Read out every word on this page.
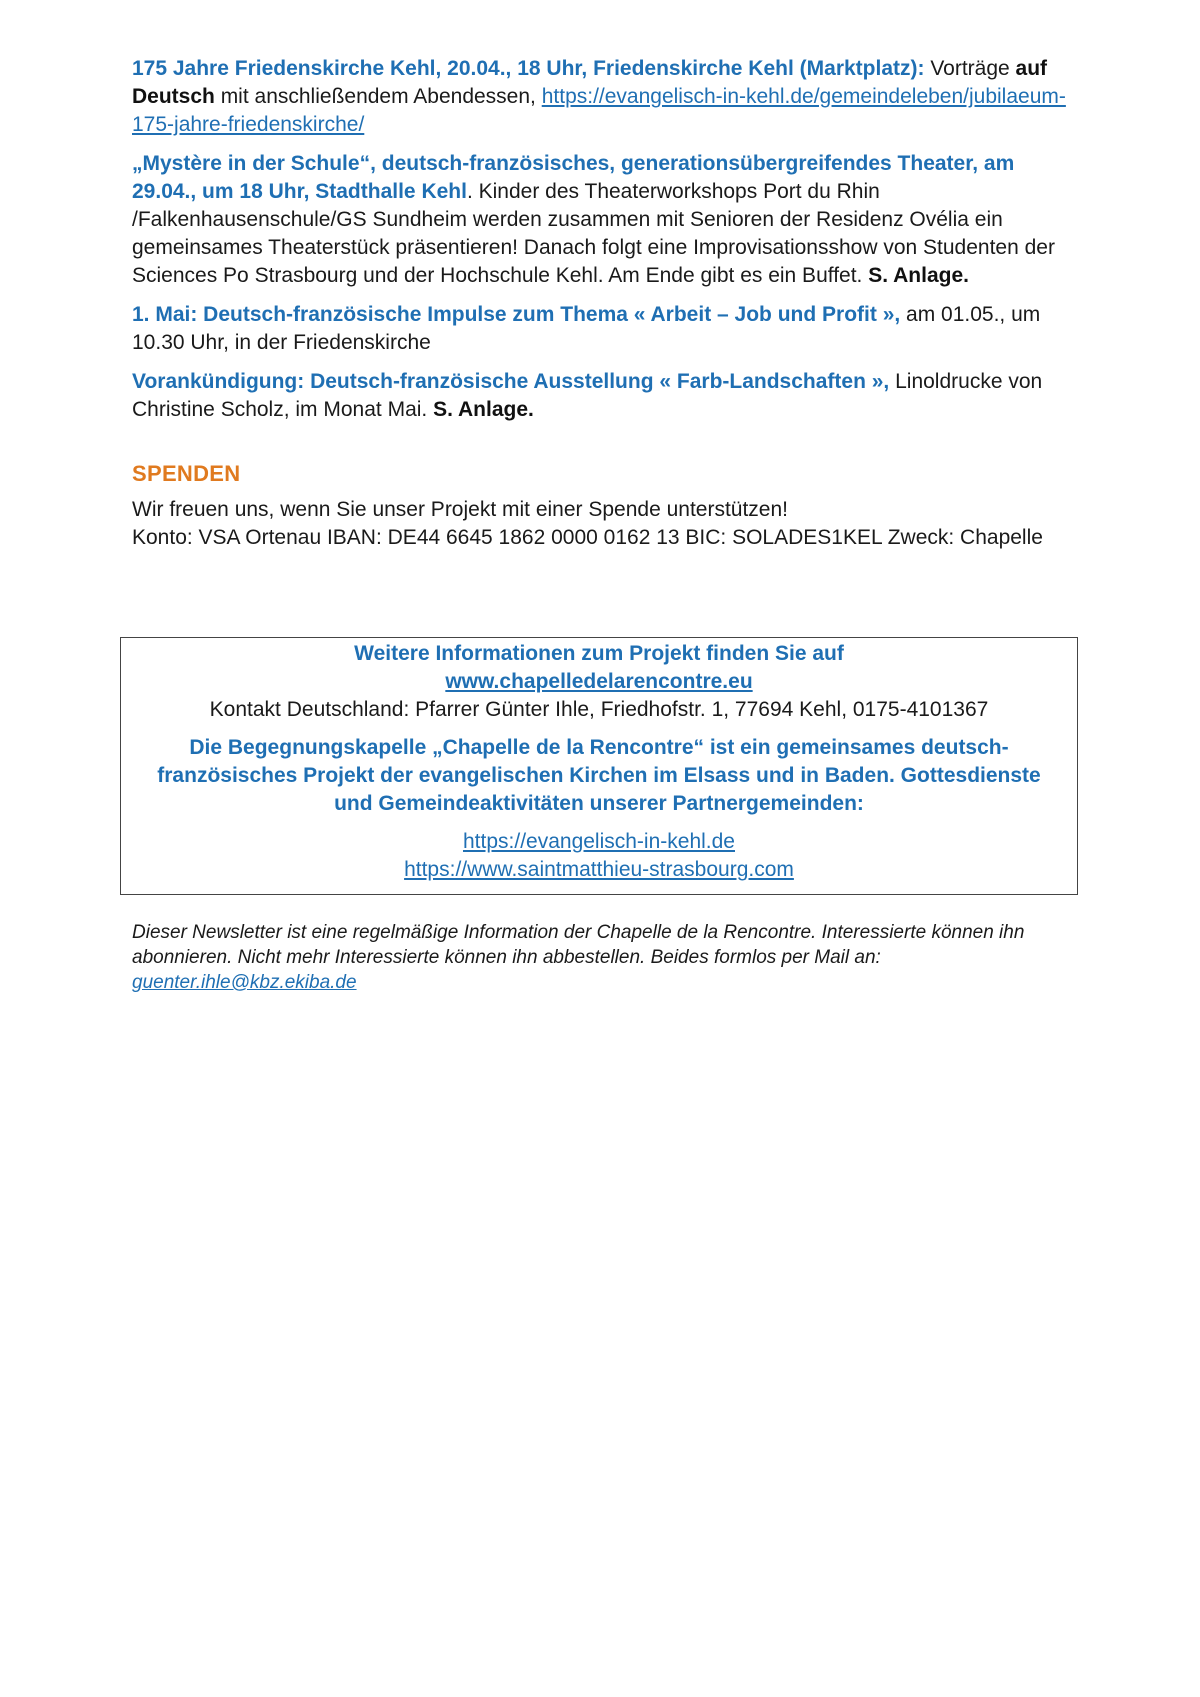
175 Jahre Friedenskirche Kehl, 20.04., 18 Uhr, Friedenskirche Kehl (Marktplatz): Vorträge auf Deutsch mit anschließendem Abendessen, https://evangelisch-in-kehl.de/gemeindeleben/jubilaeum-175-jahre-friedenskirche/

„Mystère in der Schule“, deutsch-französisches, generationsübergreifendes Theater, am 29.04., um 18 Uhr, Stadthalle Kehl. Kinder des Theaterworkshops Port du Rhin /Falkenhausenschule/GS Sundheim werden zusammen mit Senioren der Residenz Ovélia ein gemeinsames Theaterstück präsentieren! Danach folgt eine Improvisationsshow von Studenten der Sciences Po Strasbourg und der Hochschule Kehl. Am Ende gibt es ein Buffet. S. Anlage.

1. Mai: Deutsch-französische Impulse zum Thema « Arbeit – Job und Profit », am 01.05., um 10.30 Uhr, in der Friedenskirche

Vorankündigung: Deutsch-französische Ausstellung « Farb-Landschaften », Linoldrucke von Christine Scholz, im Monat Mai. S. Anlage.

SPENDEN

Wir freuen uns, wenn Sie unser Projekt mit einer Spende unterstützen!

Konto: VSA Ortenau IBAN: DE44 6645 1862 0000 0162 13 BIC: SOLADES1KEL Zweck: Chapelle

Weitere Informationen zum Projekt finden Sie auf

www.chapelledelarencontre.eu

Kontakt Deutschland: Pfarrer Günter Ihle, Friedhofstr. 1, 77694 Kehl, 0175-4101367

Die Begegnungskapelle „Chapelle de la Rencontre“ ist ein gemeinsames deutsch-französisches Projekt der evangelischen Kirchen im Elsass und in Baden. Gottesdienste und Gemeindeaktivitäten unserer Partnergemeinden:

https://evangelisch-in-kehl.de

https://www.saintmatthieu-strasbourg.com

Dieser Newsletter ist eine regelmäßige Information der Chapelle de la Rencontre. Interessierte können ihn abonnieren. Nicht mehr Interessierte können ihn abbestellen. Beides formlos per Mail an: guenter.ihle@kbz.ekiba.de
